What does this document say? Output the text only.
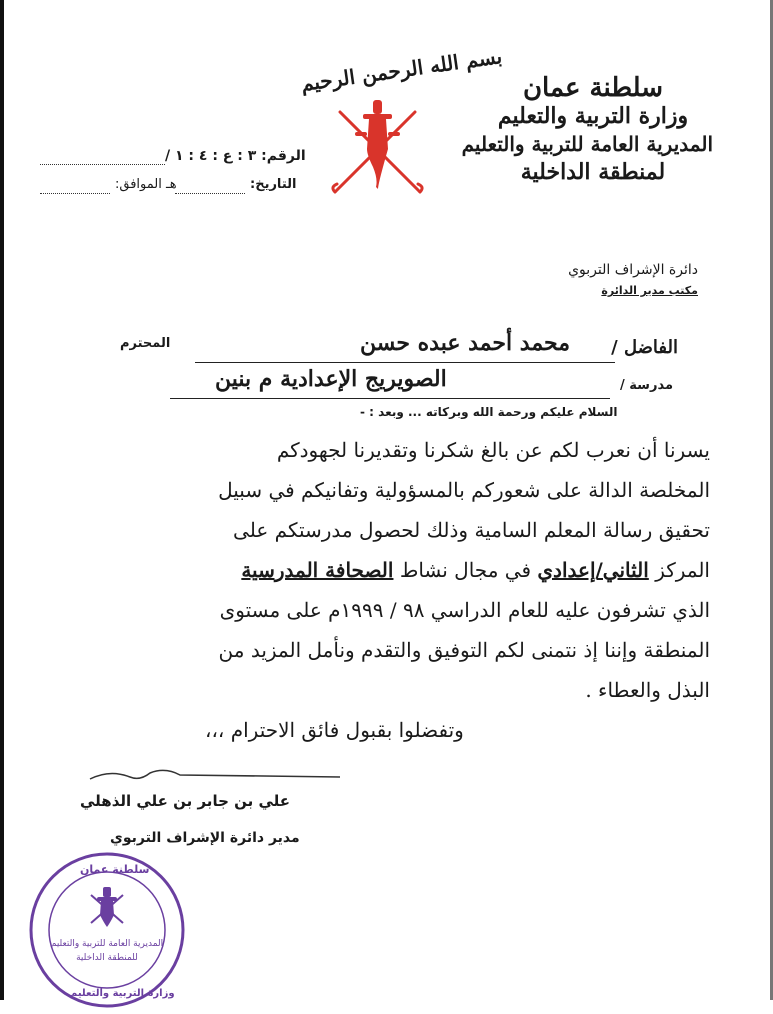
بسم الله الرحمن الرحيم سلطنة عمان
وزارة التربية والتعليم
المديرية العامة للتربية والتعليم
لمنطقة الداخلية
الرقم: ٣ : ع : ٤ : ١ /
التاريخ:
هـ الموافق:
دائرة الإشراف التربوي
مكتب مدير الدائرة
الفاضل /
محمد أحمد عبده حسن
المحترم
مدرسة /
الصويريج الإعدادية م بنين
السلام عليكم ورحمة الله وبركاته ... وبعد : -
يسرنا أن نعرب لكم عن بالغ شكرنا وتقديرنا لجهودكم
المخلصة الدالة على شعوركم بالمسؤولية وتفانيكم في سبيل
تحقيق رسالة المعلم السامية وذلك لحصول مدرستكم على
المركز الثاني/إعدادي في مجال نشاط الصحافة المدرسية
الذي تشرفون عليه للعام الدراسي ٩٨ / ١٩٩٩م على مستوى
المنطقة وإننا إذ نتمنى لكم التوفيق والتقدم ونأمل المزيد من
البذل والعطاء .
وتفضلوا بقبول فائق الاحترام ،،،
علي بن جابر بن علي الذهلي
مدير دائرة الإشراف التربوي
سلطنة عمان
المديرية العامة للتربية والتعليم
للمنطقة الداخلية
وزارة التربية والتعليم
